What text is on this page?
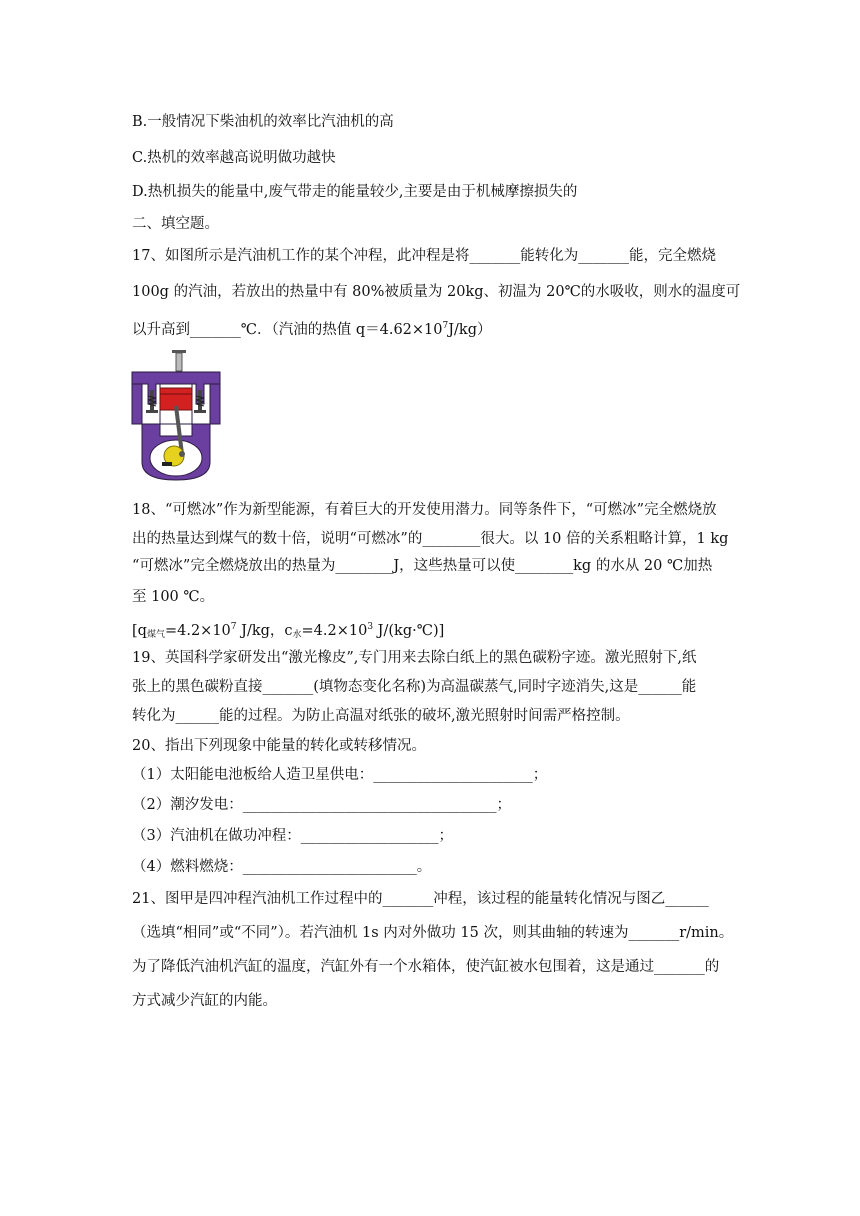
B.一般情况下柴油机的效率比汽油机的高
C.热机的效率越高说明做功越快
D.热机损失的能量中,废气带走的能量较少,主要是由于机械摩擦损失的
二、填空题。
17、如图所示是汽油机工作的某个冲程，此冲程是将_______能转化为_______能，完全燃烧
100g 的汽油，若放出的热量中有 80%被质量为 20kg、初温为 20℃的水吸收，则水的温度可
以升高到_______℃．（汽油的热值 $q=4.62\times 10^7J/kg$）
18、“可燃冰”作为新型能源，有着巨大的开发使用潜力。同等条件下，“可燃冰”完全燃烧放
出的热量达到煤气的数十倍，说明“可燃冰”的________很大。以 10 倍的关系粗略计算，1 kg
“可燃冰”完全燃烧放出的热量为________J，这些热量可以使________kg 的水从 20 ℃加热
至 100 ℃。
[$q_{煤气}=4.2\times 10^7$ J/kg，$c_水=4.2\times 10^3$ J/(kg·℃)]
19、英国科学家研发出“激光橡皮”,专门用来去除白纸上的黑色碳粉字迹。激光照射下,纸
张上的黑色碳粉直接_______(填物态变化名称)为高温碳蒸气,同时字迹消失,这是______能
转化为______能的过程。为防止高温对纸张的破坏,激光照射时间需严格控制。
20、指出下列现象中能量的转化或转移情况。
（1）太阳能电池板给人造卫星供电：______________________；
（2）潮汐发电：___________________________________；
（3）汽油机在做功冲程：___________________；
（4）燃料燃烧：________________________。
21、图甲是四冲程汽油机工作过程中的_______冲程，该过程的能量转化情况与图乙______
（选填“相同”或“不同”）。若汽油机 1s 内对外做功 15 次，则其曲轴的转速为_______r/min。
为了降低汽油机汽缸的温度，汽缸外有一个水箱体，使汽缸被水包围着，这是通过_______的
方式减少汽缸的内能。
